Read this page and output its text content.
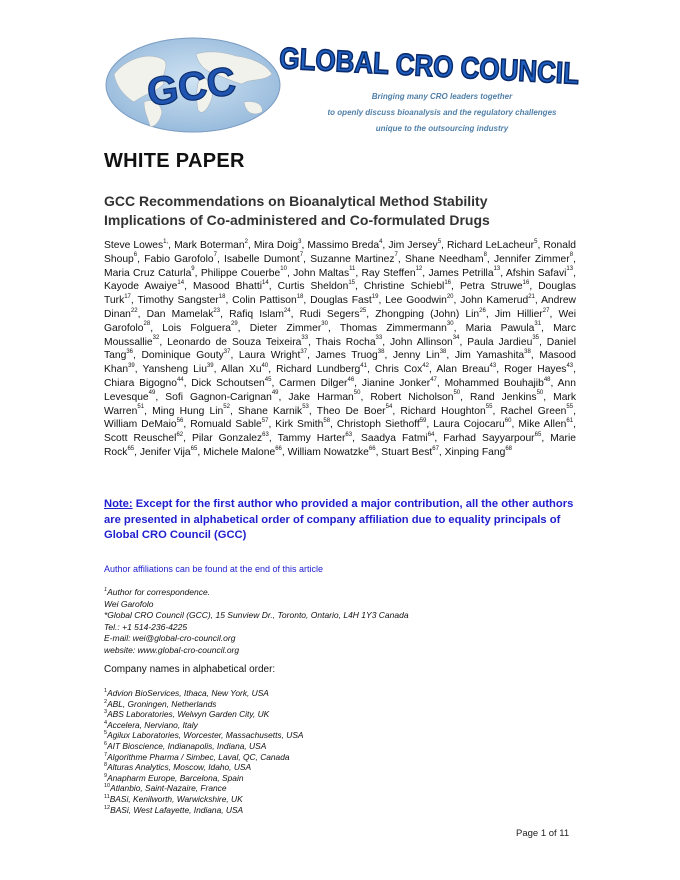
GCC GLOBAL CRO COUNCIL
Bringing many CRO leaders together
to openly discuss bioanalysis and the regulatory challenges
unique to the outsourcing industry
WHITE PAPER
GCC Recommendations on Bioanalytical Method Stability
Implications of Co-administered and Co-formulated Drugs
Steve Lowes$^{1,}$, Mark Boterman$^2$, Mira Doig$^3$, Massimo Breda$^4$, Jim Jersey$^5$, Richard LeLacheur$^5$, Ronald Shoup$^6$, Fabio Garofolo$^7$, Isabelle Dumont$^7$, Suzanne Martinez$^7$, Shane Needham$^8$, Jennifer Zimmer$^8$, Maria Cruz Caturla$^9$, Philippe Couerbe$^{10}$, John Maltas$^{11}$, Ray Steffen$^{12}$, James Petrilla$^{13}$, Afshin Safavi$^{13}$, Kayode Awaiye$^{14}$, Masood Bhatti$^{14}$, Curtis Sheldon$^{15}$, Christine Schiebl$^{16}$, Petra Struwe$^{16}$, Douglas Turk$^{17}$, Timothy Sangster$^{18}$, Colin Pattison$^{18}$, Douglas Fast$^{19}$, Lee Goodwin$^{20}$, John Kamerud$^{21}$, Andrew Dinan$^{22}$, Dan Mamelak$^{23}$, Rafiq Islam$^{24}$, Rudi Segers$^{25}$, Zhongping (John) Lin$^{26}$, Jim Hillier$^{27}$, Wei Garofolo$^{28}$, Lois Folguera$^{29}$, Dieter Zimmer$^{30}$, Thomas Zimmermann$^{30}$, Maria Pawula$^{31}$, Marc Moussallie$^{32}$, Leonardo de Souza Teixeira$^{33}$, Thais Rocha$^{33}$, John Allinson$^{34}$, Paula Jardieu$^{35}$, Daniel Tang$^{36}$, Dominique Gouty$^{37}$, Laura Wright$^{37}$, James Truog$^{38}$, Jenny Lin$^{38}$, Jim Yamashita$^{38}$, Masood Khan$^{39}$, Yansheng Liu$^{39}$, Allan Xu$^{40}$, Richard Lundberg$^{41}$, Chris Cox$^{42}$, Alan Breau$^{43}$, Roger Hayes$^{43}$, Chiara Bigogno$^{44}$, Dick Schoutsen$^{45}$, Carmen Dilger$^{46}$, Jianine Jonker$^{47}$, Mohammed Bouhajib$^{48}$, Ann Levesque$^{49}$, Sofi Gagnon-Carignan$^{49}$, Jake Harman$^{50}$, Robert Nicholson$^{50}$, Rand Jenkins$^{50}$, Mark Warren$^{51}$, Ming Hung Lin$^{52}$, Shane Karnik$^{53}$, Theo De Boer$^{54}$, Richard Houghton$^{55}$, Rachel Green$^{55}$, William DeMaio$^{56}$, Romuald Sable$^{57}$, Kirk Smith$^{58}$, Christoph Siethoff$^{59}$, Laura Cojocaru$^{60}$, Mike Allen$^{61}$, Scott Reuschel$^{62}$, Pilar Gonzalez$^{63}$, Tammy Harter$^{63}$, Saadya Fatmi$^{64}$, Farhad Sayyarpour$^{65}$, Marie Rock$^{65}$, Jenifer Vija$^{65}$, Michele Malone$^{66}$, William Nowatzke$^{66}$, Stuart Best$^{67}$, Xinping Fang$^{68}$
Note: Except for the first author who provided a major contribution, all the other authors are presented in alphabetical order of company affiliation due to equality principals of Global CRO Council (GCC)
Author affiliations can be found at the end of this article
$^1$Author for correspondence.
Wei Garofolo
*Global CRO Council (GCC), 15 Sunview Dr., Toronto, Ontario, L4H 1Y3 Canada
Tel.: +1 514-236-4225
E-mail: wei@global-cro-council.org
website: www.global-cro-council.org
Company names in alphabetical order:
$^1$Advion BioServices, Ithaca, New York, USA
$^2$ABL, Groningen, Netherlands
$^3$ABS Laboratories, Welwyn Garden City, UK
$^4$Accelera, Nerviano, Italy
$^5$Agilux Laboratories, Worcester, Massachusetts, USA
$^6$AIT Bioscience, Indianapolis, Indiana, USA
$^7$Algorithme Pharma / Simbec, Laval, QC, Canada
$^8$Alturas Analytics, Moscow, Idaho, USA
$^9$Anapharm Europe, Barcelona, Spain
$^{10}$Atlanbio, Saint-Nazaire, France
$^{11}$BASi, Kenilworth, Warwickshire, UK
$^{12}$BASi, West Lafayette, Indiana, USA
Page 1 of 11
